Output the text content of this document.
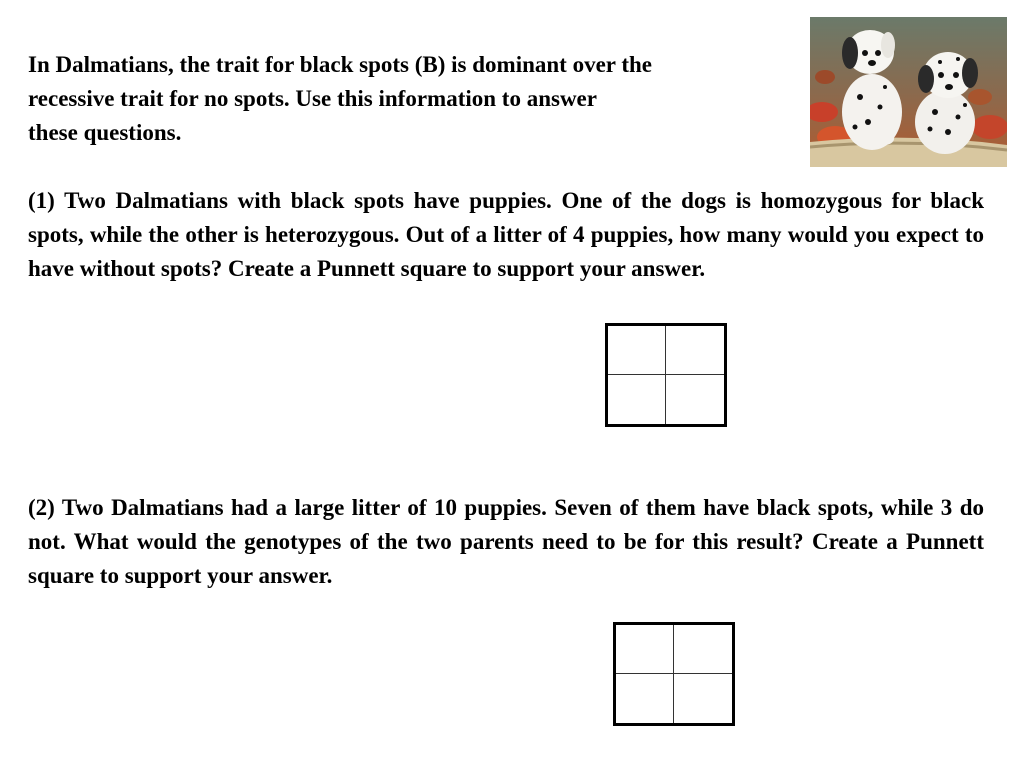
In Dalmatians, the trait for black spots (B) is dominant over the
recessive trait for no spots. Use this information to answer
these questions.
(1) Two Dalmatians with black spots have puppies. One of the dogs is homozygous for black spots, while the other is heterozygous. Out of a litter of 4 puppies, how many would you expect to have without spots? Create a Punnett square to support your answer.
(2) Two Dalmatians had a large litter of 10 puppies. Seven of them have black spots, while 3 do not. What would the genotypes of the two parents need to be for this result? Create a Punnett square to support your answer.
